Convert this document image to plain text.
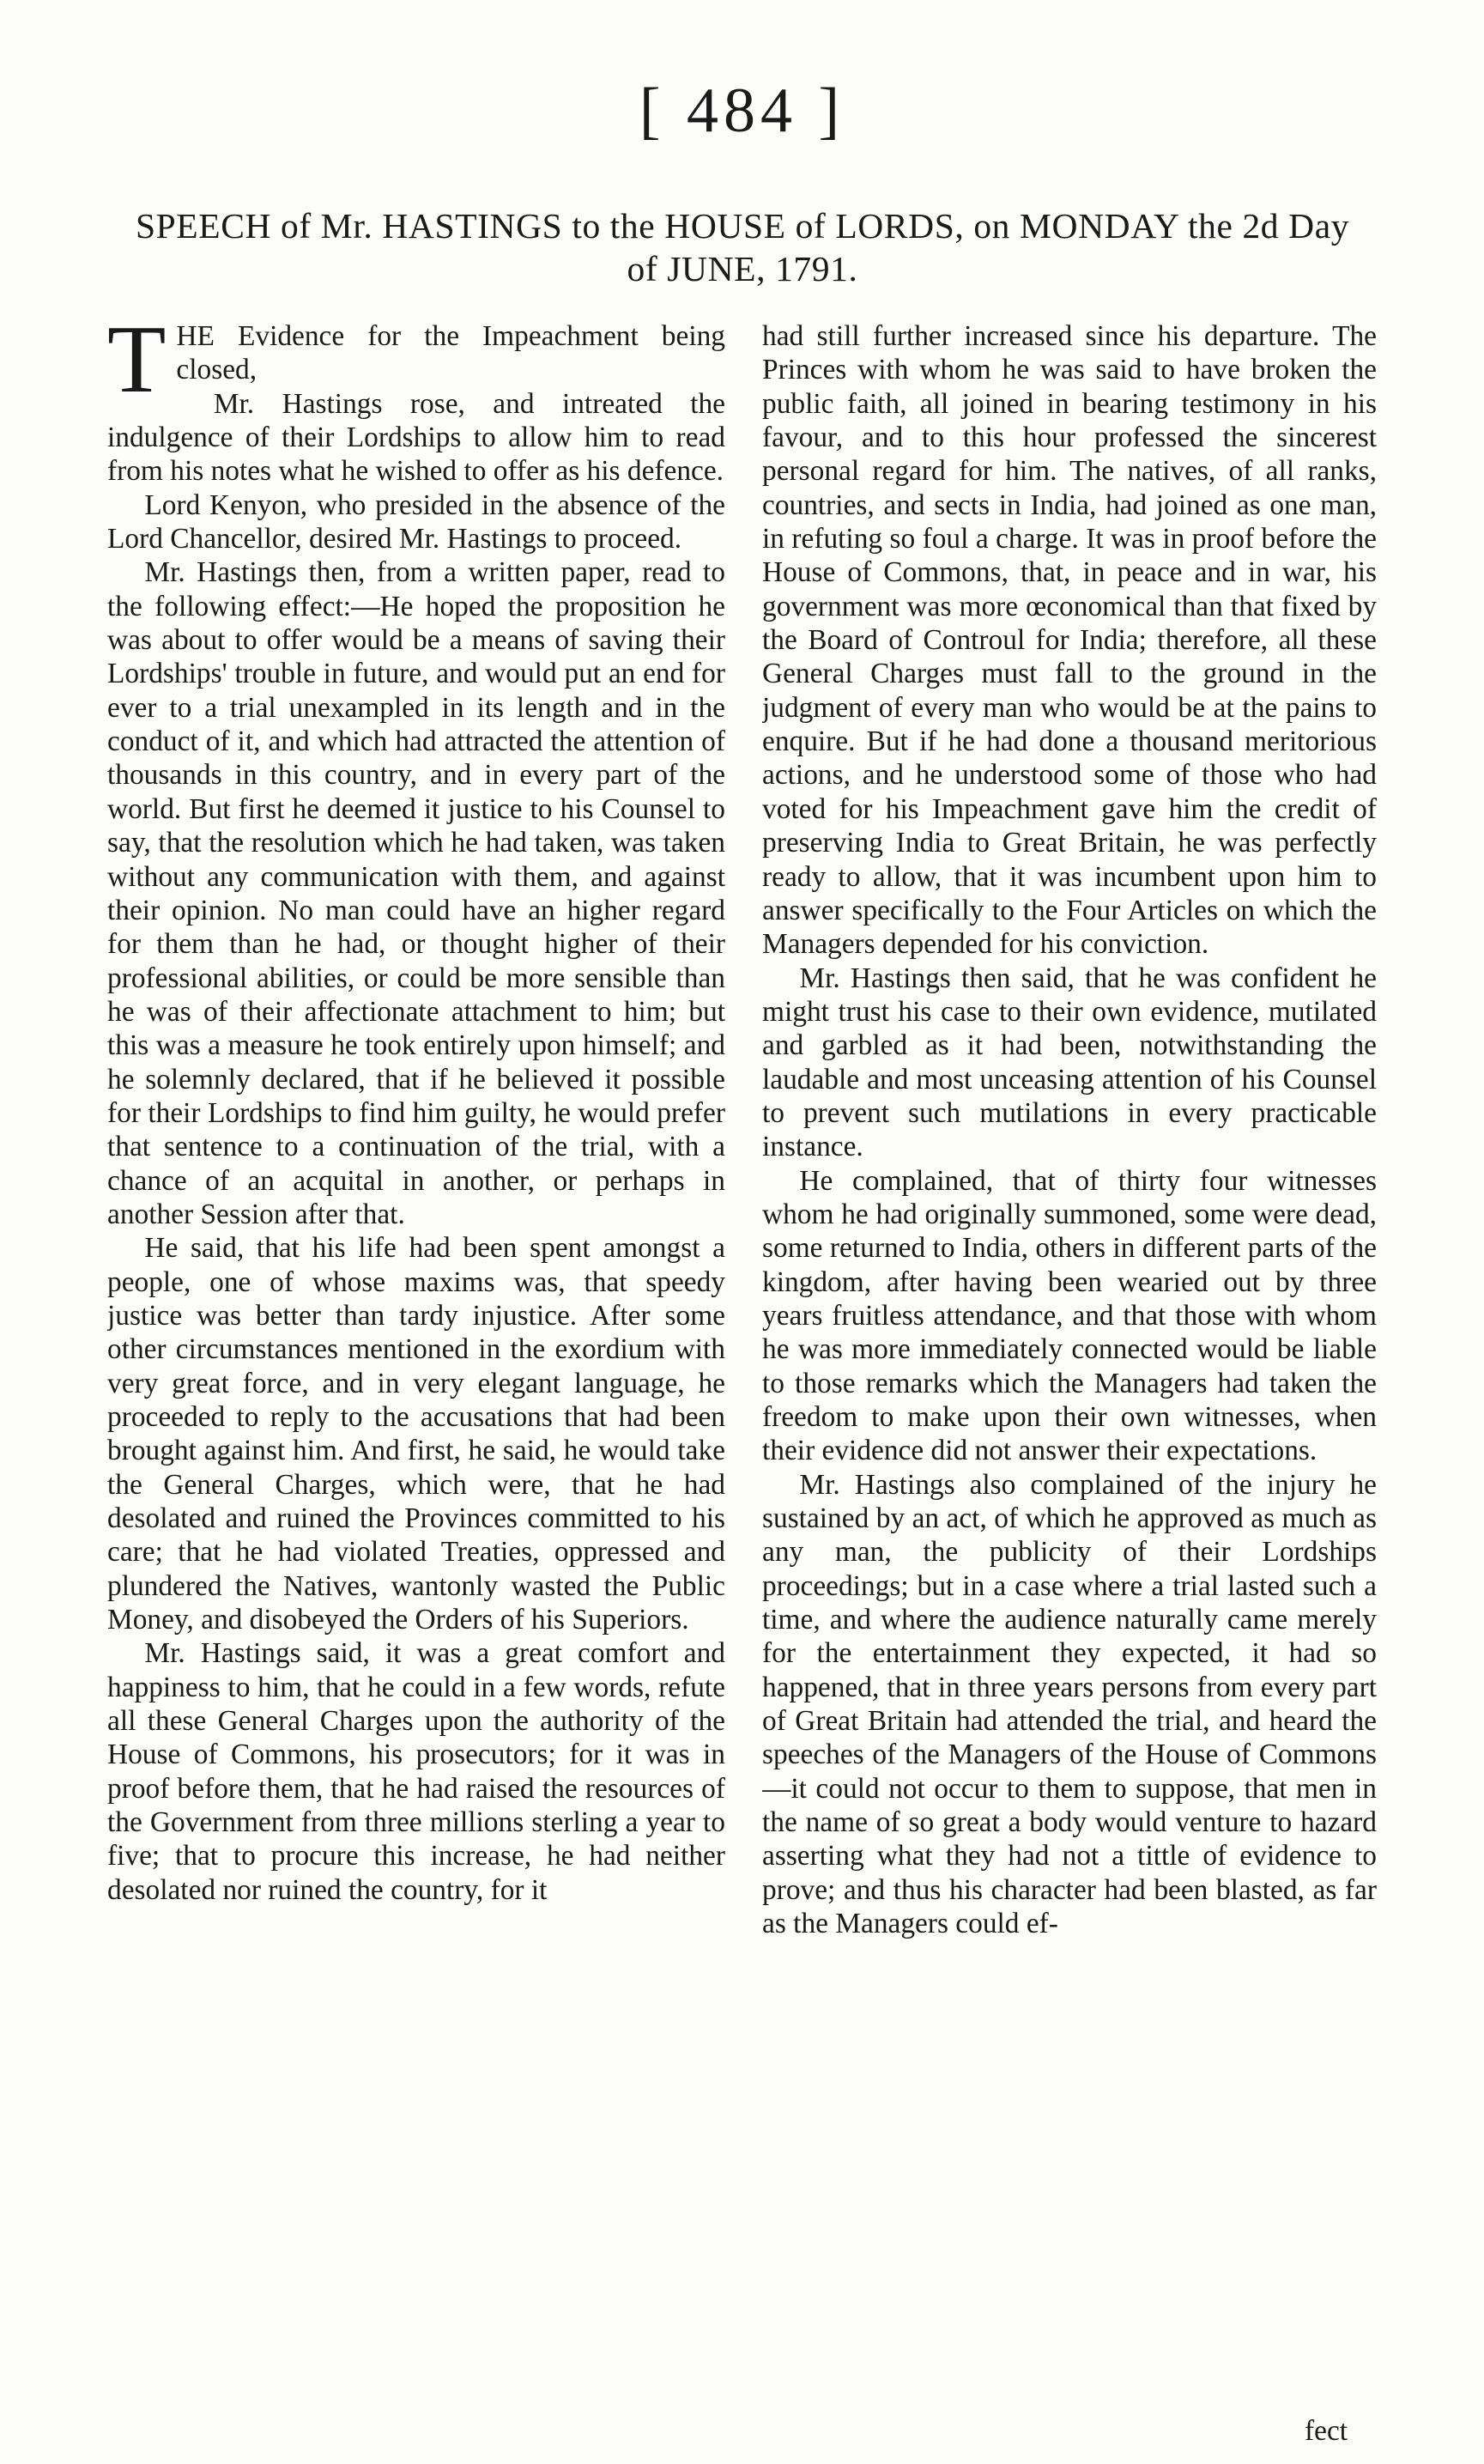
[ 484 ]
SPEECH of Mr. HASTINGS to the HOUSE of LORDS, on MONDAY the 2d Day
of JUNE, 1791.

THE Evidence for the Impeachment being closed,

Mr. Hastings rose, and intreated the indulgence of their Lordships to allow him to read from his notes what he wished to offer as his defence.

Lord Kenyon, who presided in the absence of the Lord Chancellor, desired Mr. Hastings to proceed.

Mr. Hastings then, from a written paper, read to the following effect:—He hoped the proposition he was about to offer would be a means of saving their Lordships' trouble in future, and would put an end for ever to a trial unexampled in its length and in the conduct of it, and which had attracted the attention of thousands in this country, and in every part of the world. But first he deemed it justice to his Counsel to say, that the resolution which he had taken, was taken without any communication with them, and against their opinion. No man could have an higher regard for them than he had, or thought higher of their professional abilities, or could be more sensible than he was of their affectionate attachment to him; but this was a measure he took entirely upon himself; and he solemnly declared, that if he believed it possible for their Lordships to find him guilty, he would prefer that sentence to a continuation of the trial, with a chance of an acquital in another, or perhaps in another Session after that.

He said, that his life had been spent amongst a people, one of whose maxims was, that speedy justice was better than tardy injustice. After some other circumstances mentioned in the exordium with very great force, and in very elegant language, he proceeded to reply to the accusations that had been brought against him. And first, he said, he would take the General Charges, which were, that he had desolated and ruined the Provinces committed to his care; that he had violated Treaties, oppressed and plundered the Natives, wantonly wasted the Public Money, and disobeyed the Orders of his Superiors.

Mr. Hastings said, it was a great comfort and happiness to him, that he could in a few words, refute all these General Charges upon the authority of the House of Commons, his prosecutors; for it was in proof before them, that he had raised the resources of the Government from three millions sterling a year to five; that to procure this increase, he had neither desolated nor ruined the country, for it

had still further increased since his departure. The Princes with whom he was said to have broken the public faith, all joined in bearing testimony in his favour, and to this hour professed the sincerest personal regard for him. The natives, of all ranks, countries, and sects in India, had joined as one man, in refuting so foul a charge. It was in proof before the House of Commons, that, in peace and in war, his government was more œconomical than that fixed by the Board of Controul for India; therefore, all these General Charges must fall to the ground in the judgment of every man who would be at the pains to enquire. But if he had done a thousand meritorious actions, and he understood some of those who had voted for his Impeachment gave him the credit of preserving India to Great Britain, he was perfectly ready to allow, that it was incumbent upon him to answer specifically to the Four Articles on which the Managers depended for his conviction.

Mr. Hastings then said, that he was confident he might trust his case to their own evidence, mutilated and garbled as it had been, notwithstanding the laudable and most unceasing attention of his Counsel to prevent such mutilations in every practicable instance.

He complained, that of thirty four witnesses whom he had originally summoned, some were dead, some returned to India, others in different parts of the kingdom, after having been wearied out by three years fruitless attendance, and that those with whom he was more immediately connected would be liable to those remarks which the Managers had taken the freedom to make upon their own witnesses, when their evidence did not answer their expectations.

Mr. Hastings also complained of the injury he sustained by an act, of which he approved as much as any man, the publicity of their Lordships proceedings; but in a case where a trial lasted such a time, and where the audience naturally came merely for the entertainment they expected, it had so happened, that in three years persons from every part of Great Britain had attended the trial, and heard the speeches of the Managers of the House of Commons—it could not occur to them to suppose, that men in the name of so great a body would venture to hazard asserting what they had not a tittle of evidence to prove; and thus his character had been blasted, as far as the Managers could ef-

fect
